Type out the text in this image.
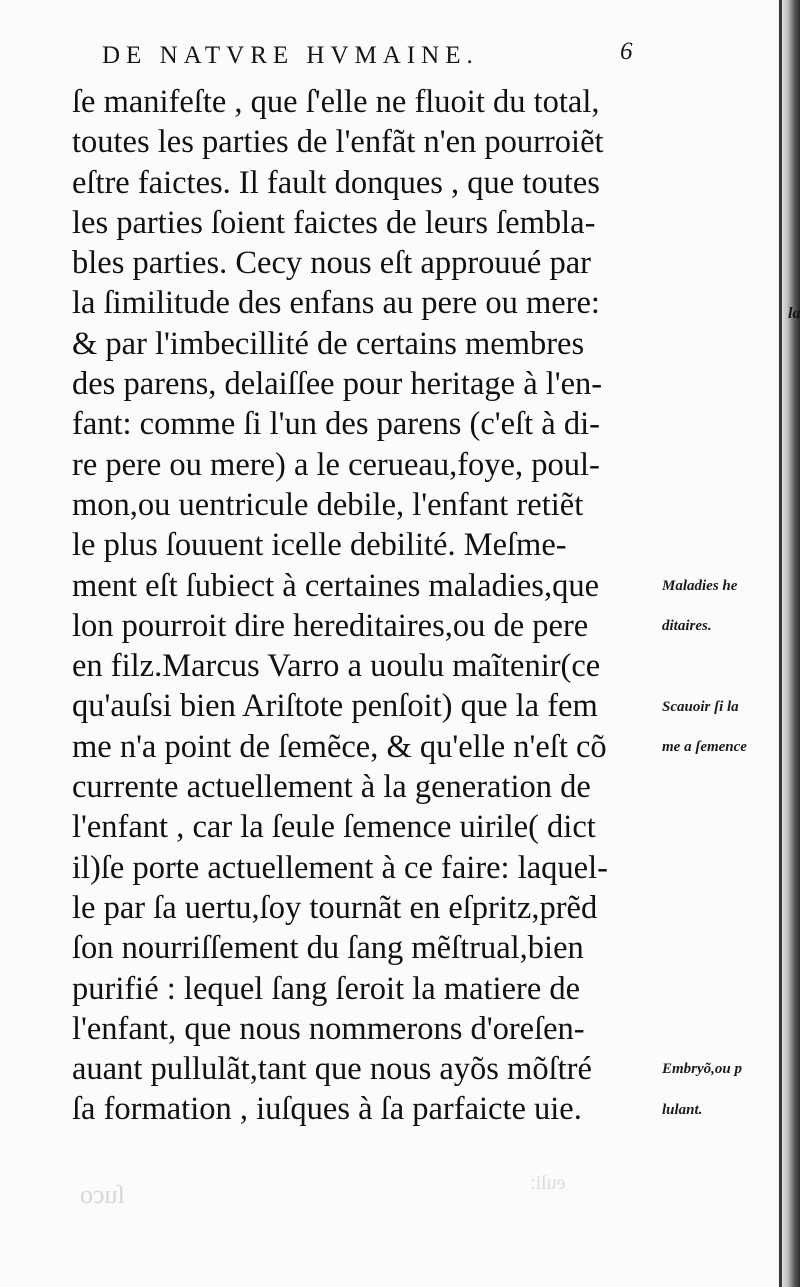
DE NATVRE HVMAINE.	6
ſe manifeſte , que ſ'elle ne fluoit du total,
toutes les parties de l'enfãt n'en pourroiẽt
eſtre faictes. Il fault donques , que toutes
les parties ſoient faictes de leurs ſembla-
bles parties. Cecy nous eſt approuué par
la ſimilitude des enfans au pere ou mere:
& par l'imbecillité de certains membres
des parens, delaiſſee pour heritage à l'en-
fant: comme ſi l'un des parens (c'eſt à di-
re pere ou mere) a le cerueau,foye, poul-
mon,ou uentricule debile, l'enfant retiẽt
le plus ſouuent icelle debilité. Meſme-
ment eſt ſubiect à certaines maladies,que
lon pourroit dire hereditaires,ou de pere
en filz.Marcus Varro a uoulu maĩtenir(ce
qu'auſsi bien Ariſtote penſoit) que la fem
me n'a point de ſemẽce, & qu'elle n'eſt cõ
currente actuellement à la generation de
l'enfant , car la ſeule ſemence uirile( dict
il)ſe porte actuellement à ce faire: laquel-
le par ſa uertu,ſoy tournãt en eſpritz,prẽd
ſon nourriſſement du ſang mẽſtrual,bien
purifié : lequel ſang ſeroit la matiere de
l'enfant, que nous nommerons d'oreſen-
auant pullulãt,tant que nous ayõs mõſtré
ſa formation , iuſques à ſa parfaicte uie.
Maladies he
ditaires.
Scauoir ſi la
me a ſemence
Embryõ,ou p
lulant.
la
ſuco	euli:
